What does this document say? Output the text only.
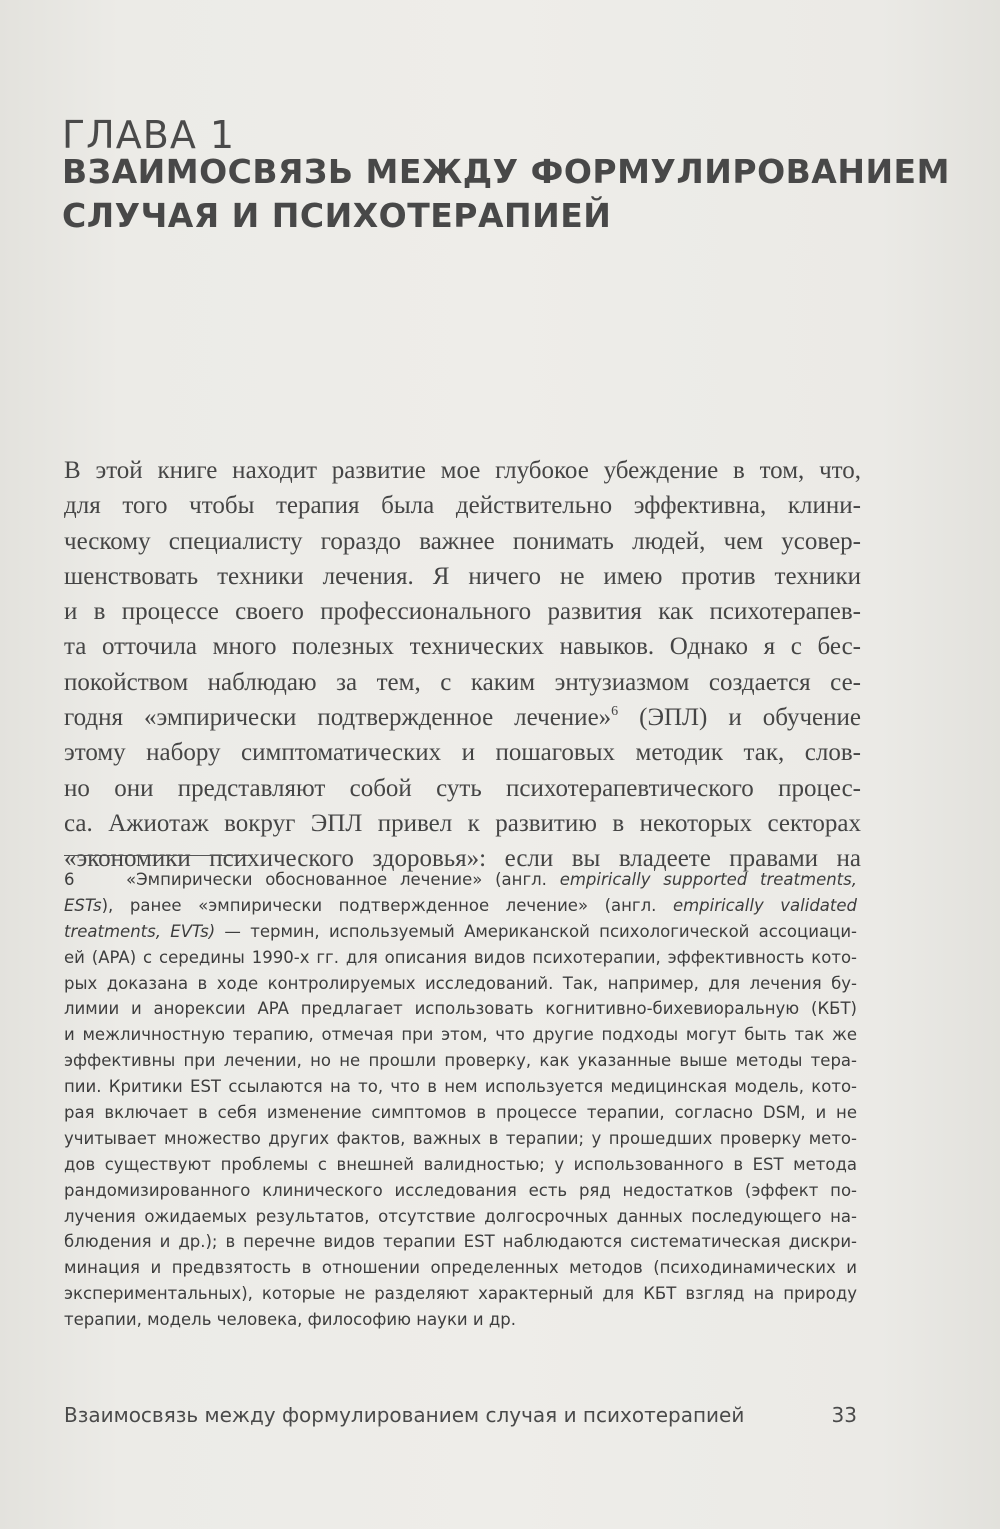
ГЛАВА 1
ВЗАИМОСВЯЗЬ МЕЖДУ ФОРМУЛИРОВАНИЕМ
СЛУЧАЯ И ПСИХОТЕРАПИЕЙ
В этой книге находит развитие мое глубокое убеждение в том, что,
для того чтобы терапия была действительно эффективна, клини-
ческому специалисту гораздо важнее понимать людей, чем усовер-
шенствовать техники лечения. Я ничего не имею против техники
и в процессе своего профессионального развития как психотерапев-
та отточила много полезных технических навыков. Однако я с бес-
покойством наблюдаю за тем, с каким энтузиазмом создается се-
годня «эмпирически подтвержденное лечение»$^6$ (ЭПЛ) и обучение
этому набору симптоматических и пошаговых методик так, слов-
но они представляют собой суть психотерапевтического процес-
са. Ажиотаж вокруг ЭПЛ привел к развитию в некоторых секторах
«экономики психического здоровья»: если вы владеете правами на
6	«Эмпирически обоснованное лечение» (англ. empirically supported treatments,
ESTs), ранее «эмпирически подтвержденное лечение» (англ. empirically validated
treatments, EVTs) — термин, используемый Американской психологической ассоциаци-
ей (APA) с середины 1990-х гг. для описания видов психотерапии, эффективность кото-
рых доказана в ходе контролируемых исследований. Так, например, для лечения бу-
лимии и анорексии APA предлагает использовать когнитивно-бихевиоральную (КБТ)
и межличностную терапию, отмечая при этом, что другие подходы могут быть так же
эффективны при лечении, но не прошли проверку, как указанные выше методы тера-
пии. Критики EST ссылаются на то, что в нем используется медицинская модель, кото-
рая включает в себя изменение симптомов в процессе терапии, согласно DSM, и не
учитывает множество других фактов, важных в терапии; у прошедших проверку мето-
дов существуют проблемы с внешней валидностью; у использованного в EST метода
рандомизированного клинического исследования есть ряд недостатков (эффект по-
лучения ожидаемых результатов, отсутствие долгосрочных данных последующего на-
блюдения и др.); в перечне видов терапии EST наблюдаются систематическая дискри-
минация и предвзятость в отношении определенных методов (психодинамических и
экспериментальных), которые не разделяют характерный для КБТ взгляд на природу
терапии, модель человека, философию науки и др.
Взаимосвязь между формулированием случая и психотерапией	33
